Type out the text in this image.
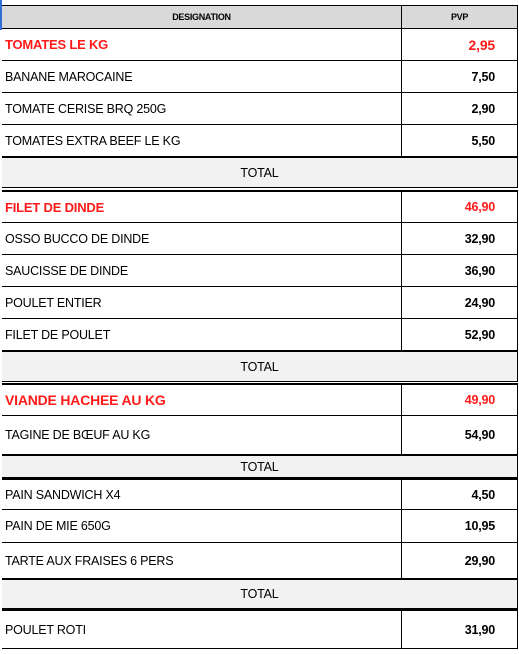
DESIGNATION	PVP
TOMATES LE KG	2,95
BANANE MAROCAINE	7,50
TOMATE CERISE BRQ 250G	2,90
TOMATES EXTRA BEEF LE KG	5,50
TOTAL
FILET DE DINDE	46,90
OSSO BUCCO DE DINDE	32,90
SAUCISSE DE DINDE	36,90
POULET ENTIER	24,90
FILET DE POULET	52,90
TOTAL
VIANDE HACHEE AU KG	49,90
TAGINE DE BŒUF AU KG	54,90
TOTAL
PAIN SANDWICH X4	4,50
PAIN DE MIE 650G	10,95
TARTE AUX FRAISES 6 PERS	29,90
TOTAL
POULET ROTI	31,90
